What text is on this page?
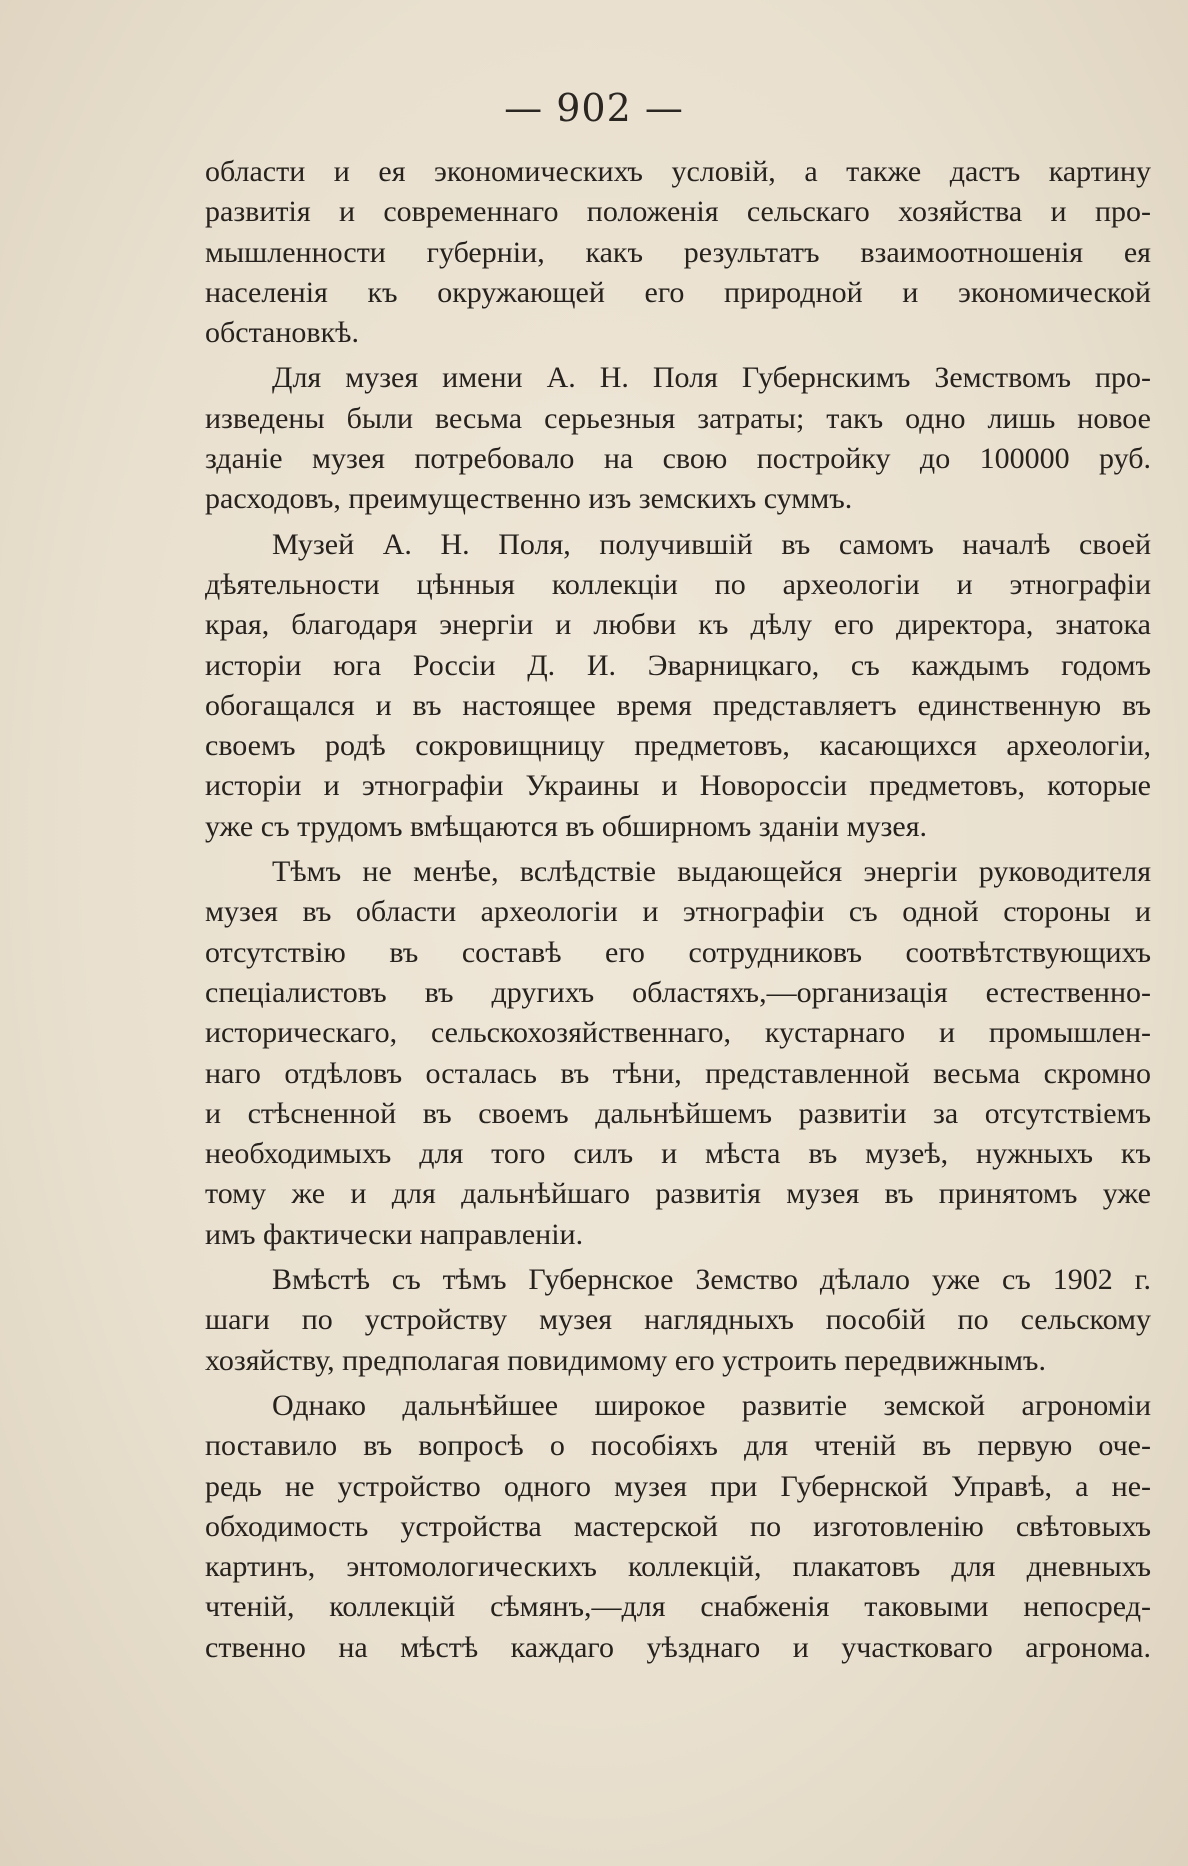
— 902 —
области и ея экономическихъ условій, а также дастъ картину
развитія и современнаго положенія сельскаго хозяйства и про-
мышленности губерніи, какъ результатъ взаимоотношенія ея
населенія къ окружающей его природной и экономической
обстановкѣ.
Для музея имени А. Н. Поля Губернскимъ Земствомъ про-
изведены были весьма серьезныя затраты; такъ одно лишь новое
зданіе музея потребовало на свою постройку до 100000 руб.
расходовъ, преимущественно изъ земскихъ суммъ.
Музей А. Н. Поля, получившій въ самомъ началѣ своей
дѣятельности цѣнныя коллекціи по археологіи и этнографіи
края, благодаря энергіи и любви къ дѣлу его директора, знатока
исторіи юга Россіи Д. И. Эварницкаго, съ каждымъ годомъ
обогащался и въ настоящее время представляетъ единственную въ
своемъ родѣ сокровищницу предметовъ, касающихся археологіи,
исторіи и этнографіи Украины и Новороссіи предметовъ, которые
уже съ трудомъ вмѣщаются въ обширномъ зданіи музея.
Тѣмъ не менѣе, вслѣдствіе выдающейся энергіи руководителя
музея въ области археологіи и этнографіи съ одной стороны и
отсутствію въ составѣ его сотрудниковъ соотвѣтствующихъ
спеціалистовъ въ другихъ областяхъ,—организація естественно-
историческаго, сельскохозяйственнаго, кустарнаго и промышлен-
наго отдѣловъ осталась въ тѣни, представленной весьма скромно
и стѣсненной въ своемъ дальнѣйшемъ развитіи за отсутствіемъ
необходимыхъ для того силъ и мѣста въ музеѣ, нужныхъ къ
тому же и для дальнѣйшаго развитія музея въ принятомъ уже
имъ фактически направленіи.
Вмѣстѣ съ тѣмъ Губернское Земство дѣлало уже съ 1902 г.
шаги по устройству музея наглядныхъ пособій по сельскому
хозяйству, предполагая повидимому его устроить передвижнымъ.
Однако дальнѣйшее широкое развитіе земской агрономіи
поставило въ вопросѣ о пособіяхъ для чтеній въ первую оче-
редь не устройство одного музея при Губернской Управѣ, а не-
обходимость устройства мастерской по изготовленію свѣтовыхъ
картинъ, энтомологическихъ коллекцій, плакатовъ для дневныхъ
чтеній, коллекцій сѣмянъ,—для снабженія таковыми непосред-
ственно на мѣстѣ каждаго уѣзднаго и участковаго агронома.
